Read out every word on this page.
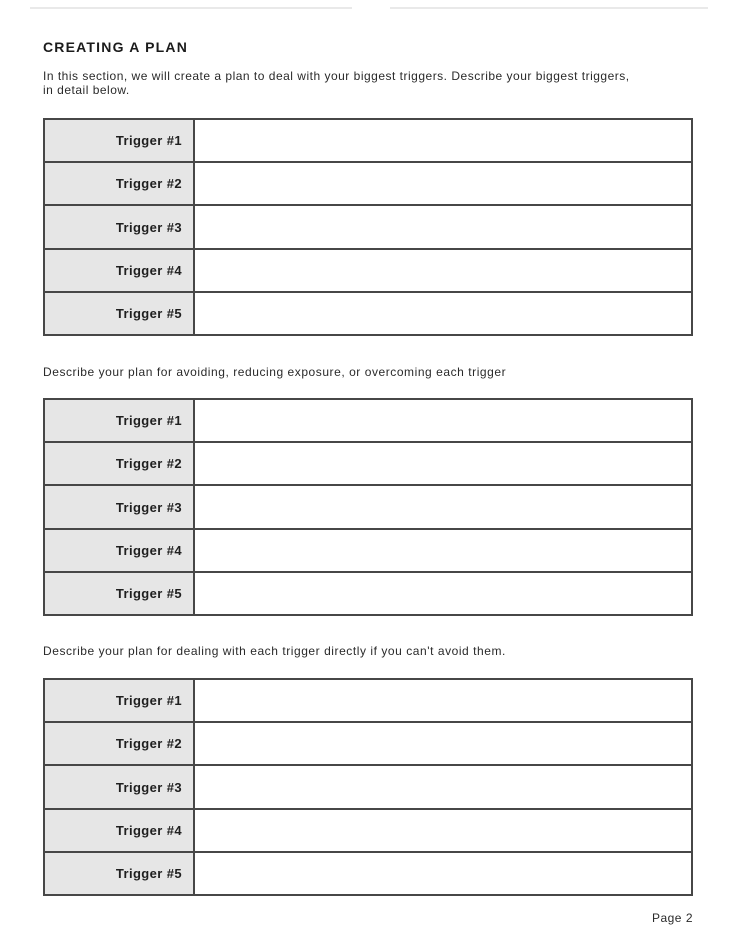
CREATING A PLAN
In this section, we will create a plan to deal with your biggest triggers. Describe your biggest triggers,
in detail below.
Trigger #1
Trigger #2
Trigger #3
Trigger #4
Trigger #5
Describe your plan for avoiding, reducing exposure, or overcoming each trigger
Trigger #1
Trigger #2
Trigger #3
Trigger #4
Trigger #5
Describe your plan for dealing with each trigger directly if you can't avoid them.
Trigger #1
Trigger #2
Trigger #3
Trigger #4
Trigger #5
Page 2
